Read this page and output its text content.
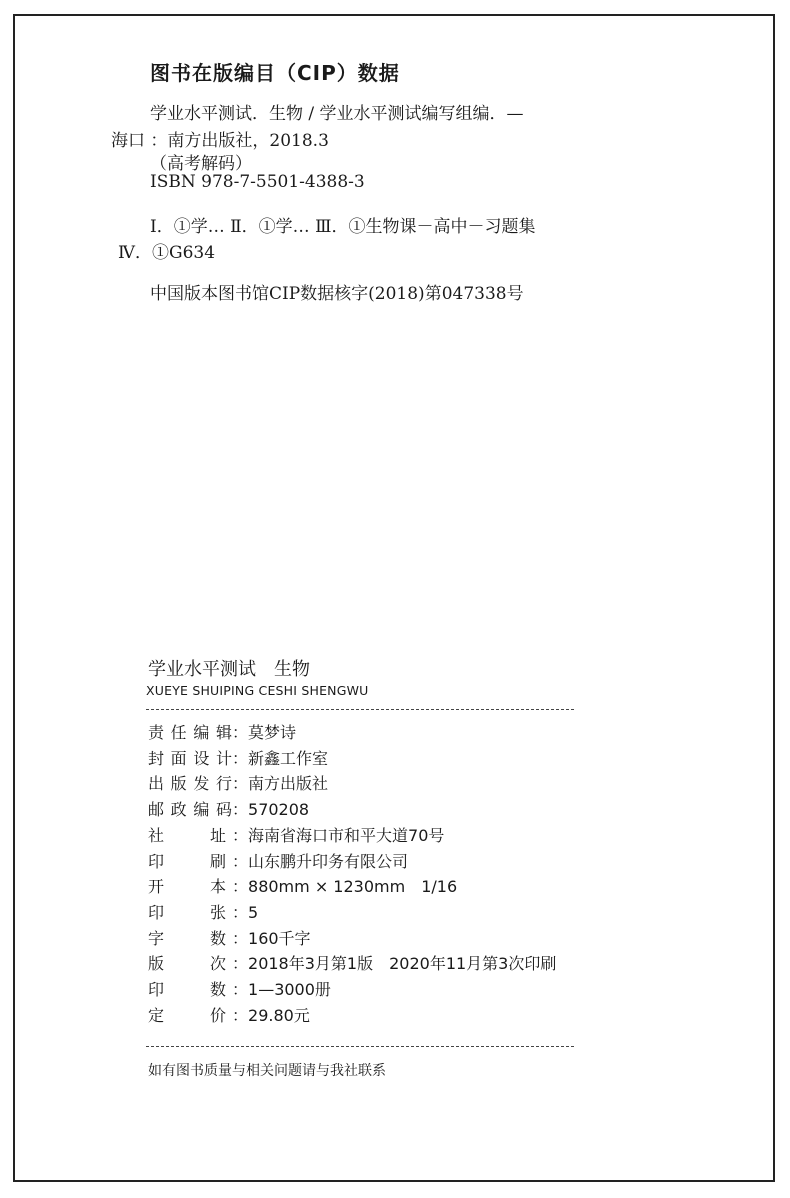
图书在版编目（CIP）数据
学业水平测试．生物 / 学业水平测试编写组编．—
海口 ：南方出版社，2018.3
（高考解码）
ISBN 978-7-5501-4388-3
Ⅰ．①学… Ⅱ．①学… Ⅲ．①生物课－高中－习题集
Ⅳ．①G634
中国版本图书馆CIP数据核字(2018)第047338号
学业水平测试　生物
XUEYE SHUIPING CESHI SHENGWU
责任编辑：莫梦诗
封面设计：新鑫工作室
出版发行：南方出版社
邮政编码：570208
社	址 ：海南省海口市和平大道70号
印	刷 ：山东鹏升印务有限公司
开	本 ：880mm × 1230mm　1/16
印	张 ：5
字	数 ：160千字
版	次 ：2018年3月第1版　2020年11月第3次印刷
印	数 ：1—3000册
定	价 ：29.80元
如有图书质量与相关问题请与我社联系
